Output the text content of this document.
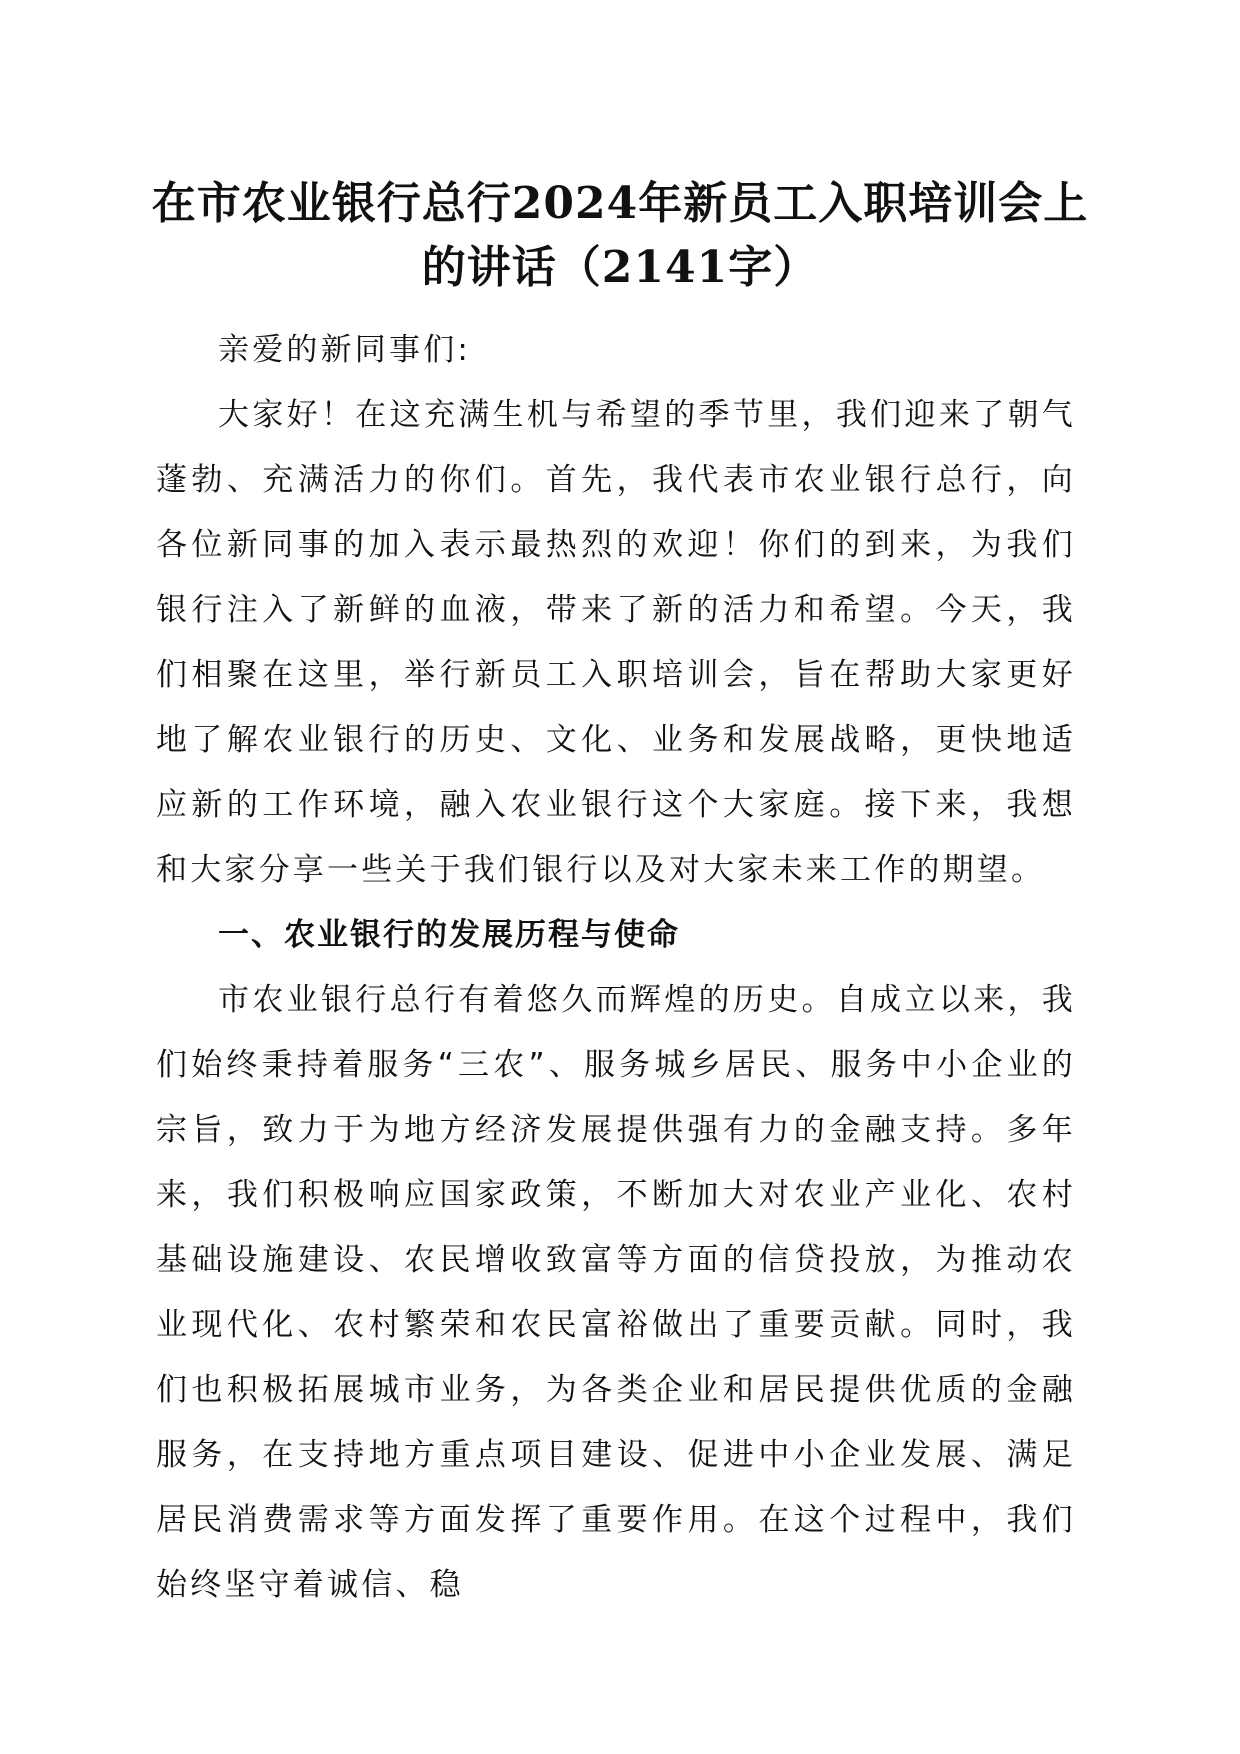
在市农业银行总行2024年新员工入职培训会上的讲话（2141字）

亲爱的新同事们:

大家好！在这充满生机与希望的季节里，我们迎来了朝气蓬勃、充满活力的你们。首先，我代表市农业银行总行，向各位新同事的加入表示最热烈的欢迎！你们的到来，为我们银行注入了新鲜的血液，带来了新的活力和希望。今天，我们相聚在这里，举行新员工入职培训会，旨在帮助大家更好地了解农业银行的历史、文化、业务和发展战略，更快地适应新的工作环境，融入农业银行这个大家庭。接下来，我想和大家分享一些关于我们银行以及对大家未来工作的期望。

一、农业银行的发展历程与使命

市农业银行总行有着悠久而辉煌的历史。自成立以来，我们始终秉持着服务“三农”、服务城乡居民、服务中小企业的宗旨，致力于为地方经济发展提供强有力的金融支持。多年来，我们积极响应国家政策，不断加大对农业产业化、农村基础设施建设、农民增收致富等方面的信贷投放，为推动农业现代化、农村繁荣和农民富裕做出了重要贡献。同时，我们也积极拓展城市业务，为各类企业和居民提供优质的金融服务，在支持地方重点项目建设、促进中小企业发展、满足居民消费需求等方面发挥了重要作用。在这个过程中，我们始终坚守着诚信、稳
